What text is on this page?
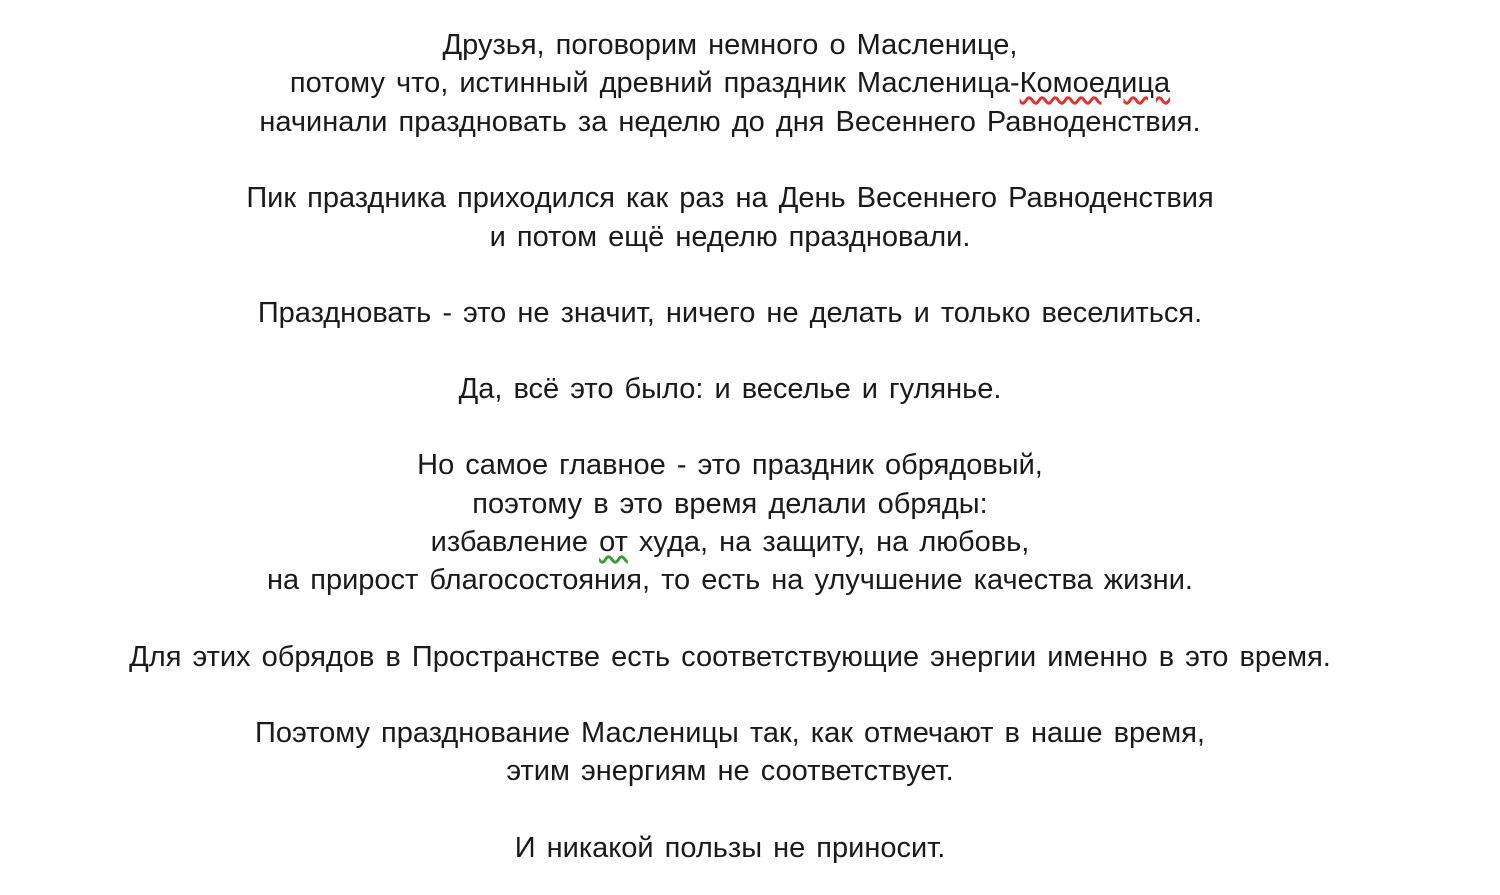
Друзья, поговорим немного о Масленице,
потому что, истинный древний праздник Масленица-Комоедица
начинали праздновать за неделю до дня Весеннего Равноденствия.
Пик праздника приходился как раз на День Весеннего Равноденствия
и потом ещё неделю праздновали.
Праздновать - это не значит, ничего не делать и только веселиться.
Да, всё это было: и веселье и гулянье.
Но самое главное - это праздник обрядовый,
поэтому в это время делали обряды:
избавление от худа, на защиту, на любовь,
на прирост благосостояния, то есть на улучшение качества жизни.
Для этих обрядов в Пространстве есть соответствующие энергии именно в это время.
Поэтому празднование Масленицы так, как отмечают в наше время,
этим энергиям не соответствует.
И никакой пользы не приносит.
